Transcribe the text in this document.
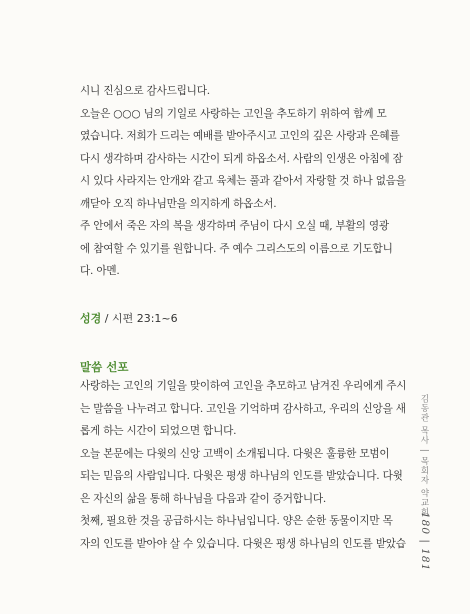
시니 진심으로 감사드립니다.
오늘은 ○○○ 님의 기일로 사랑하는 고인을 추도하기 위하여 함께 모
였습니다. 저희가 드리는 예배를 받아주시고 고인의 깊은 사랑과 은혜를
다시 생각하며 감사하는 시간이 되게 하옵소서. 사람의 인생은 아침에 잠
시 있다 사라지는 안개와 같고 육체는 풀과 같아서 자랑할 것 하나 없음을
깨닫아 오직 하나님만을 의지하게 하옵소서.
주 안에서 죽은 자의 복을 생각하며 주님이 다시 오실 때, 부활의 영광
에 참여할 수 있기를 원합니다. 주 예수 그리스도의 이름으로 기도합니
다. 아멘.
성경 / 시편 23:1~6
말씀 선포
사랑하는 고인의 기일을 맞이하여 고인을 추모하고 남겨진 우리에게 주시
는 말씀을 나누려고 합니다. 고인을 기억하며 감사하고, 우리의 신앙을 새
롭게 하는 시간이 되었으면 합니다.
오늘 본문에는 다윗의 신앙 고백이 소개됩니다. 다윗은 훌륭한 모범이
되는 믿음의 사람입니다. 다윗은 평생 하나님의 인도를 받았습니다. 다윗
은 자신의 삶을 통해 하나님을 다음과 같이 증거합니다.
첫째, 필요한 것을 공급하시는 하나님입니다. 양은 순한 동물이지만 목
자의 인도를 받아야 살 수 있습니다. 다윗은 평생 하나님의 인도를 받았습
김동관 목사 | 목회자 약교회
180 | 181
